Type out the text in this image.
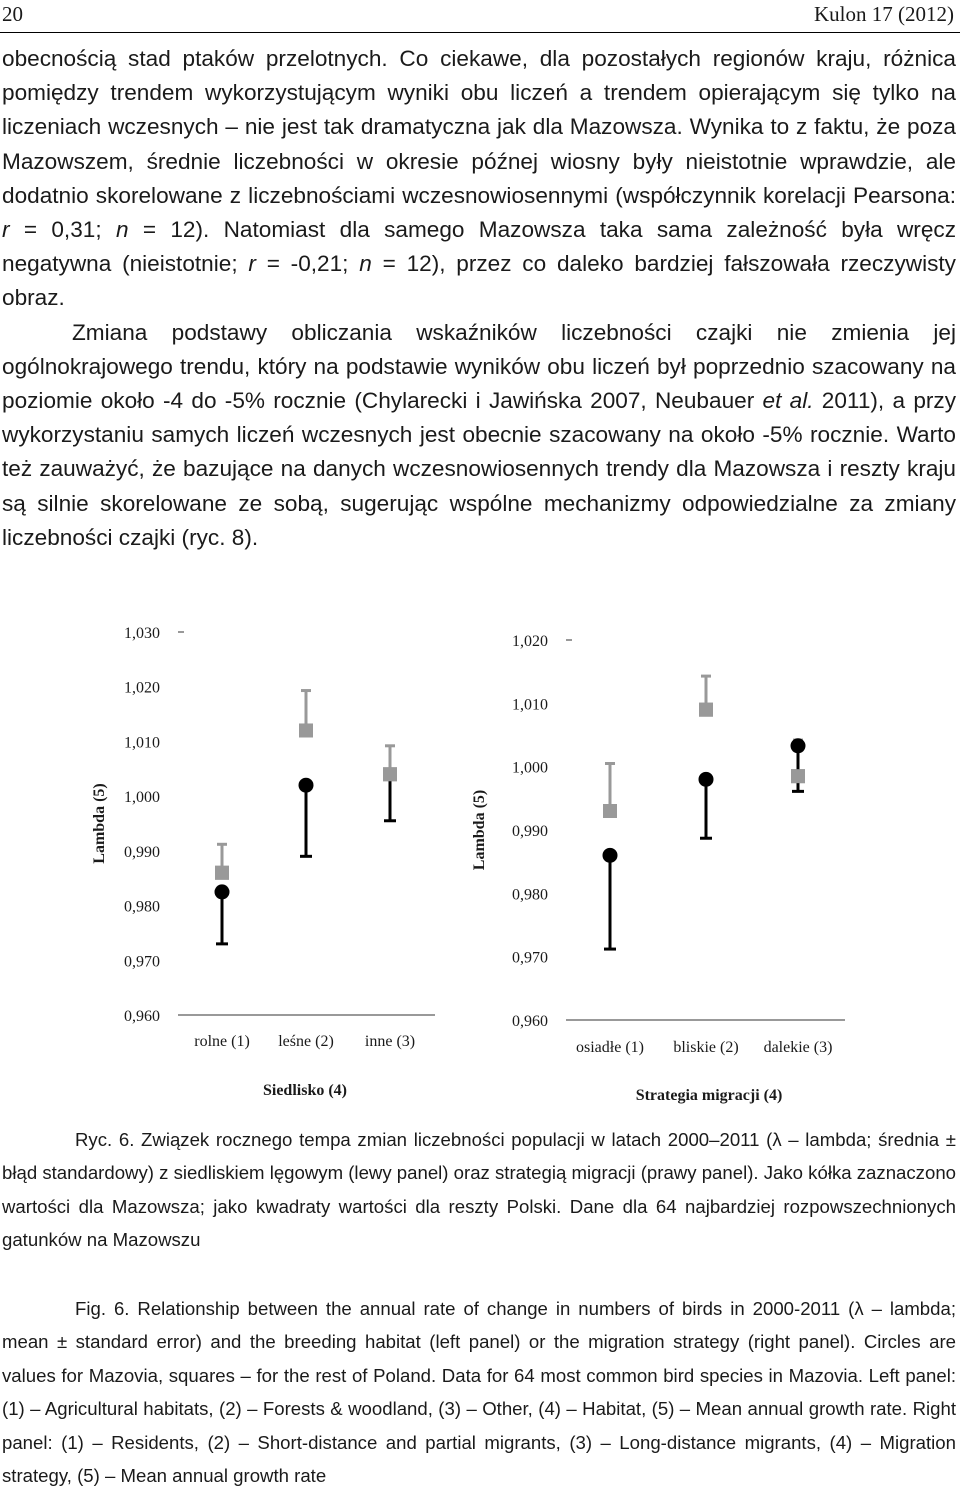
20	Kulon 17 (2012)

obecnością stad ptaków przelotnych. Co ciekawe, dla pozostałych regionów kraju, różnica pomiędzy trendem wykorzystującym wyniki obu liczeń a trendem opierającym się tylko na liczeniach wczesnych – nie jest tak dramatyczna jak dla Mazowsza. Wynika to z faktu, że poza Mazowszem, średnie liczebności w okresie późnej wiosny były nieistotnie wprawdzie, ale dodatnio skorelowane z liczebnościami wczesnowiosennymi (współczynnik korelacji Pearsona: r = 0,31; n = 12). Natomiast dla samego Mazowsza taka sama zależność była wręcz negatywna (nieistotnie; r = -0,21; n = 12), przez co daleko bardziej fałszowała rzeczywisty obraz.

Zmiana podstawy obliczania wskaźników liczebności czajki nie zmienia jej ogólnokrajowego trendu, który na podstawie wyników obu liczeń był poprzednio szacowany na poziomie około -4 do -5% rocznie (Chylarecki i Jawińska 2007, Neubauer et al. 2011), a przy wykorzystaniu samych liczeń wczesnych jest obecnie szacowany na około -5% rocznie. Warto też zauważyć, że bazujące na danych wczesnowiosennych trendy dla Mazowsza i reszty kraju są silnie skorelowane ze sobą, sugerując wspólne mechanizmy odpowiedzialne za zmiany liczebności czajki (ryc. 8).

0,960
0,970
0,980
0,990
1,000
1,010
1,020
1,030
Lambda (5)
rolne (1) leśne (2) inne (3)
Siedlisko (4)
0,960
0,970
0,980
0,990
1,000
1,010
1,020
Lambda (5)
osiadłe (1) bliskie (2) dalekie (3)
Strategia migracji (4)

Ryc. 6. Związek rocznego tempa zmian liczebności populacji w latach 2000–2011 (λ – lambda; średnia ± błąd standardowy) z siedliskiem lęgowym (lewy panel) oraz strategią migracji (prawy panel). Jako kółka zaznaczono wartości dla Mazowsza; jako kwadraty wartości dla reszty Polski. Dane dla 64 najbardziej rozpowszechnionych gatunków na Mazowszu

Fig. 6. Relationship between the annual rate of change in numbers of birds in 2000-2011 (λ – lambda; mean ± standard error) and the breeding habitat (left panel) or the migration strategy (right panel). Circles are values for Mazovia, squares – for the rest of Poland. Data for 64 most common bird species in Mazovia. Left panel: (1) – Agricultural habitats, (2) – Forests & woodland, (3) – Other, (4) – Habitat, (5) – Mean annual growth rate. Right panel: (1) – Residents, (2) – Short-distance and partial migrants, (3) – Long-distance migrants, (4) – Migration strategy, (5) – Mean annual growth rate
